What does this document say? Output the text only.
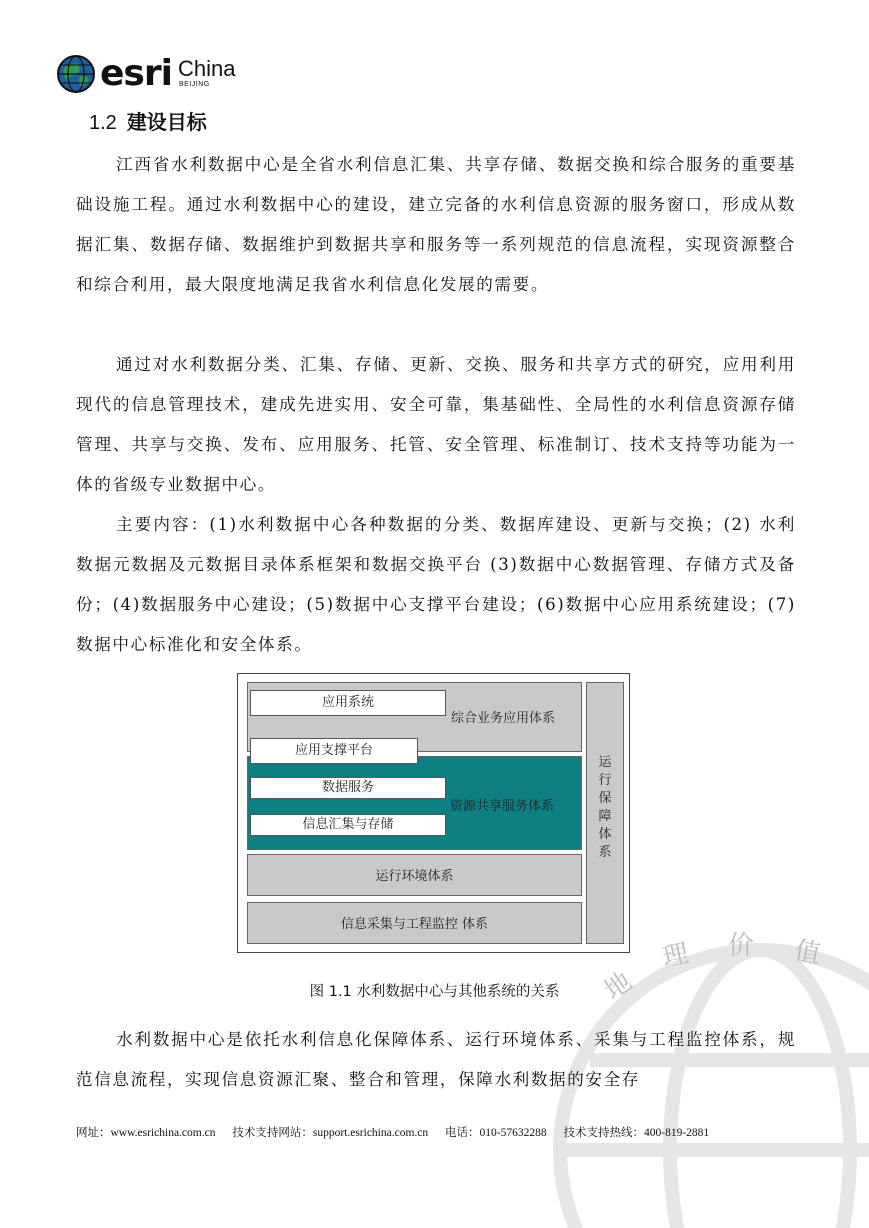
esri China
BEIJING
1.2 建设目标
江西省水利数据中心是全省水利信息汇集、共享存储、数据交换和综合服务的重要基础设施工程。通过水利数据中心的建设，建立完备的水利信息资源的服务窗口，形成从数据汇集、数据存储、数据维护到数据共享和服务等一系列规范的信息流程，实现资源整合和综合利用，最大限度地满足我省水利信息化发展的需要。
通过对水利数据分类、汇集、存储、更新、交换、服务和共享方式的研究，应用利用现代的信息管理技术，建成先进实用、安全可靠，集基础性、全局性的水利信息资源存储管理、共享与交换、发布、应用服务、托管、安全管理、标准制订、技术支持等功能为一体的省级专业数据中心。
主要内容：(1)水利数据中心各种数据的分类、数据库建设、更新与交换；(2) 水利数据元数据及元数据目录体系框架和数据交换平台 (3)数据中心数据管理、存储方式及备份；(4)数据服务中心建设；(5)数据中心支撑平台建设；(6)数据中心应用系统建设；(7) 数据中心标准化和安全体系。
应用系统
应用支撑平台
数据服务
信息汇集与存储
综合业务应用体系
资源共享服务体系
运行环境体系
信息采集与工程监控 体系
运行保障体系
图 1.1 水利数据中心与其他系统的关系
理 价 值
地
水利数据中心是依托水利信息化保障体系、运行环境体系、采集与工程监控体系，规范信息流程，实现信息资源汇聚、整合和管理，保障水利数据的安全存
网址：www.esrichina.com.cn 技术支持网站：support.esrichina.com.cn 电话：010-57632288 技术支持热线：400-819-2881
